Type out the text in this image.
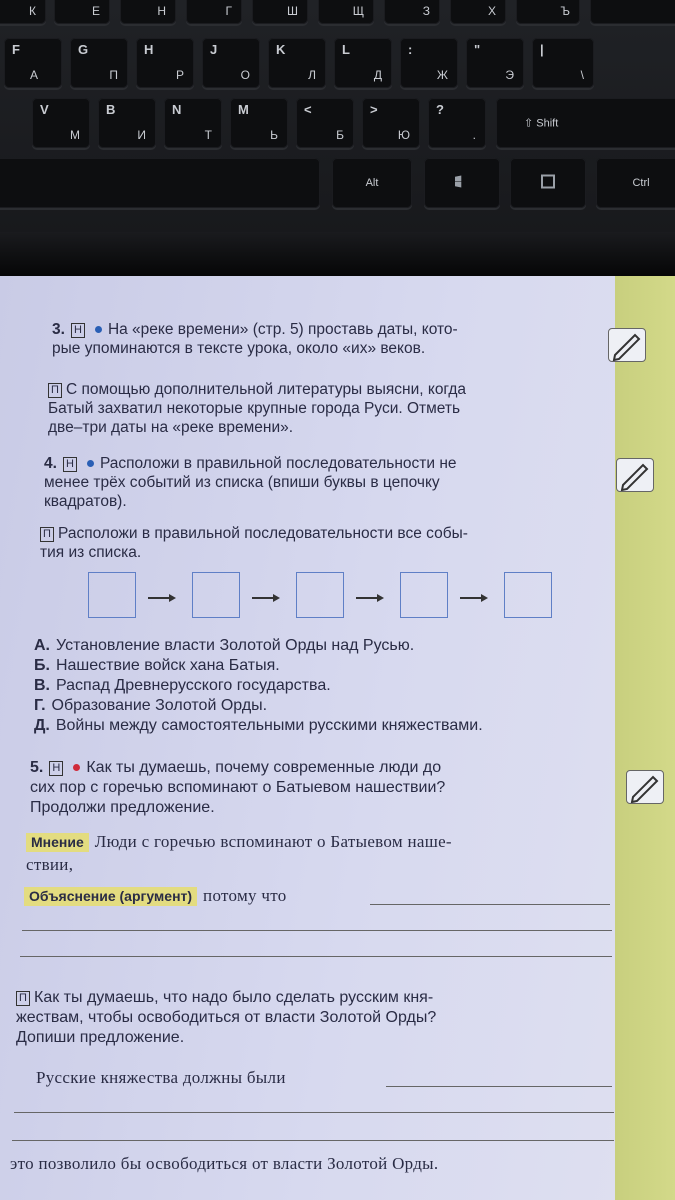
К	Е	Н	Г	Ш	Щ	З	Х	Ъ
F
А
G
П
H
Р
J
О
K
Л
L
Д
:
Ж
"
Э
|
\
V
М
B
И
N
Т
M
Ь
<
Б
>
Ю
?
.
⇧ Shift
Alt	Ctrl
3. Н На «реке времени» (стр. 5) проставь даты, кото-
рые упоминаются в тексте урока, около «их» веков.
П С помощью дополнительной литературы выясни, когда
Батый захватил некоторые крупные города Руси. Отметь
две–три даты на «реке времени».
4. Н Расположи в правильной последовательности не
менее трёх событий из списка (впиши буквы в цепочку
квадратов).
П Расположи в правильной последовательности все собы-
тия из списка.
А. Установление власти Золотой Орды над Русью.
Б. Нашествие войск хана Батыя.
В. Распад Древнерусского государства.
Г. Образование Золотой Орды.
Д. Войны между самостоятельными русскими княжествами.
5. Н Как ты думаешь, почему современные люди до
сих пор с горечью вспоминают о Батыевом нашествии?
Продолжи предложение.
Мнение Люди с горечью вспоминают о Батыевом наше-
ствии,
Объяснение (аргумент) потому что
П Как ты думаешь, что надо было сделать русским кня-
жествам, чтобы освободиться от власти Золотой Орды?
Допиши предложение.
Русские княжества должны были
это позволило бы освободиться от власти Золотой Орды.
